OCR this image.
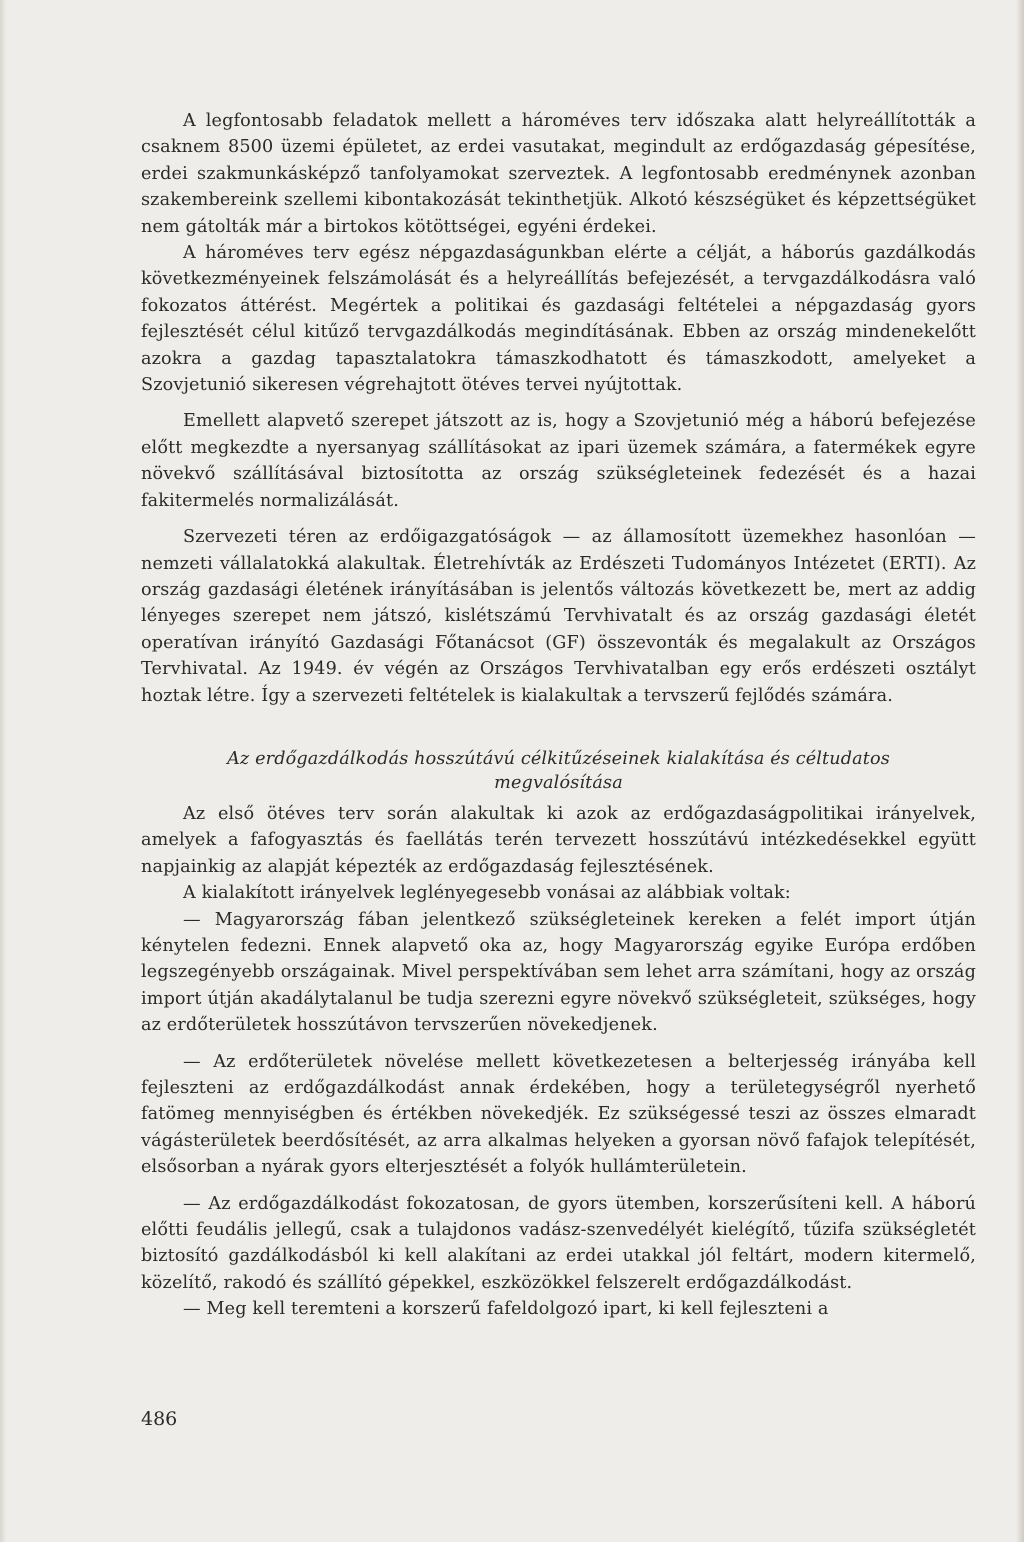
A legfontosabb feladatok mellett a hároméves terv időszaka alatt helyreállították a csaknem 8500 üzemi épületet, az erdei vasutakat, megindult az erdőgazdaság gépesítése, erdei szakmunkásképző tanfolyamokat szerveztek. A legfontosabb eredménynek azonban szakembereink szellemi kibontakozását tekinthetjük. Alkotó készségüket és képzettségüket nem gátolták már a birtokos kötöttségei, egyéni érdekei.

A hároméves terv egész népgazdaságunkban elérte a célját, a háborús gazdálkodás következményeinek felszámolását és a helyreállítás befejezését, a tervgazdálkodásra való fokozatos áttérést. Megértek a politikai és gazdasági feltételei a népgazdaság gyors fejlesztését célul kitűző tervgazdálkodás megindításának. Ebben az ország mindenekelőtt azokra a gazdag tapasztalatokra támaszkodhatott és támaszkodott, amelyeket a Szovjetunió sikeresen végrehajtott ötéves tervei nyújtottak.

Emellett alapvető szerepet játszott az is, hogy a Szovjetunió még a háború befejezése előtt megkezdte a nyersanyag szállításokat az ipari üzemek számára, a fatermékek egyre növekvő szállításával biztosította az ország szükségleteinek fedezését és a hazai fakitermelés normalizálását.

Szervezeti téren az erdőigazgatóságok — az államosított üzemekhez hasonlóan — nemzeti vállalatokká alakultak. Életrehívták az Erdészeti Tudományos Intézetet (ERTI). Az ország gazdasági életének irányításában is jelentős változás következett be, mert az addig lényeges szerepet nem játszó, kislétszámú Tervhivatalt és az ország gazdasági életét operatívan irányító Gazdasági Főtanácsot (GF) összevonták és megalakult az Országos Tervhivatal. Az 1949. év végén az Országos Tervhivatalban egy erős erdészeti osztályt hoztak létre. Így a szervezeti feltételek is kialakultak a tervszerű fejlődés számára.

Az erdőgazdálkodás hosszútávú célkitűzéseinek kialakítása és céltudatos megvalósítása

Az első ötéves terv során alakultak ki azok az erdőgazdaságpolitikai irányelvek, amelyek a fafogyasztás és faellátás terén tervezett hosszútávú intézkedésekkel együtt napjainkig az alapját képezték az erdőgazdaság fejlesztésének.

A kialakított irányelvek leglényegesebb vonásai az alábbiak voltak:

— Magyarország fában jelentkező szükségleteinek kereken a felét import útján kénytelen fedezni. Ennek alapvető oka az, hogy Magyarország egyike Európa erdőben legszegényebb országainak. Mivel perspektívában sem lehet arra számítani, hogy az ország import útján akadálytalanul be tudja szerezni egyre növekvő szükségleteit, szükséges, hogy az erdőterületek hosszútávon tervszerűen növekedjenek.

— Az erdőterületek növelése mellett következetesen a belterjesség irányába kell fejleszteni az erdőgazdálkodást annak érdekében, hogy a területegységről nyerhető fatömeg mennyiségben és értékben növekedjék. Ez szükségessé teszi az összes elmaradt vágásterületek beerdősítését, az arra alkalmas helyeken a gyorsan növő fafajok telepítését, elsősorban a nyárak gyors elterjesztését a folyók hullámterületein.

— Az erdőgazdálkodást fokozatosan, de gyors ütemben, korszerűsíteni kell. A háború előtti feudális jellegű, csak a tulajdonos vadász-szenvedélyét kielégítő, tűzifa szükségletét biztosító gazdálkodásból ki kell alakítani az erdei utakkal jól feltárt, modern kitermelő, közelítő, rakodó és szállító gépekkel, eszközökkel felszerelt erdőgazdálkodást.

— Meg kell teremteni a korszerű fafeldolgozó ipart, ki kell fejleszteni a

486
